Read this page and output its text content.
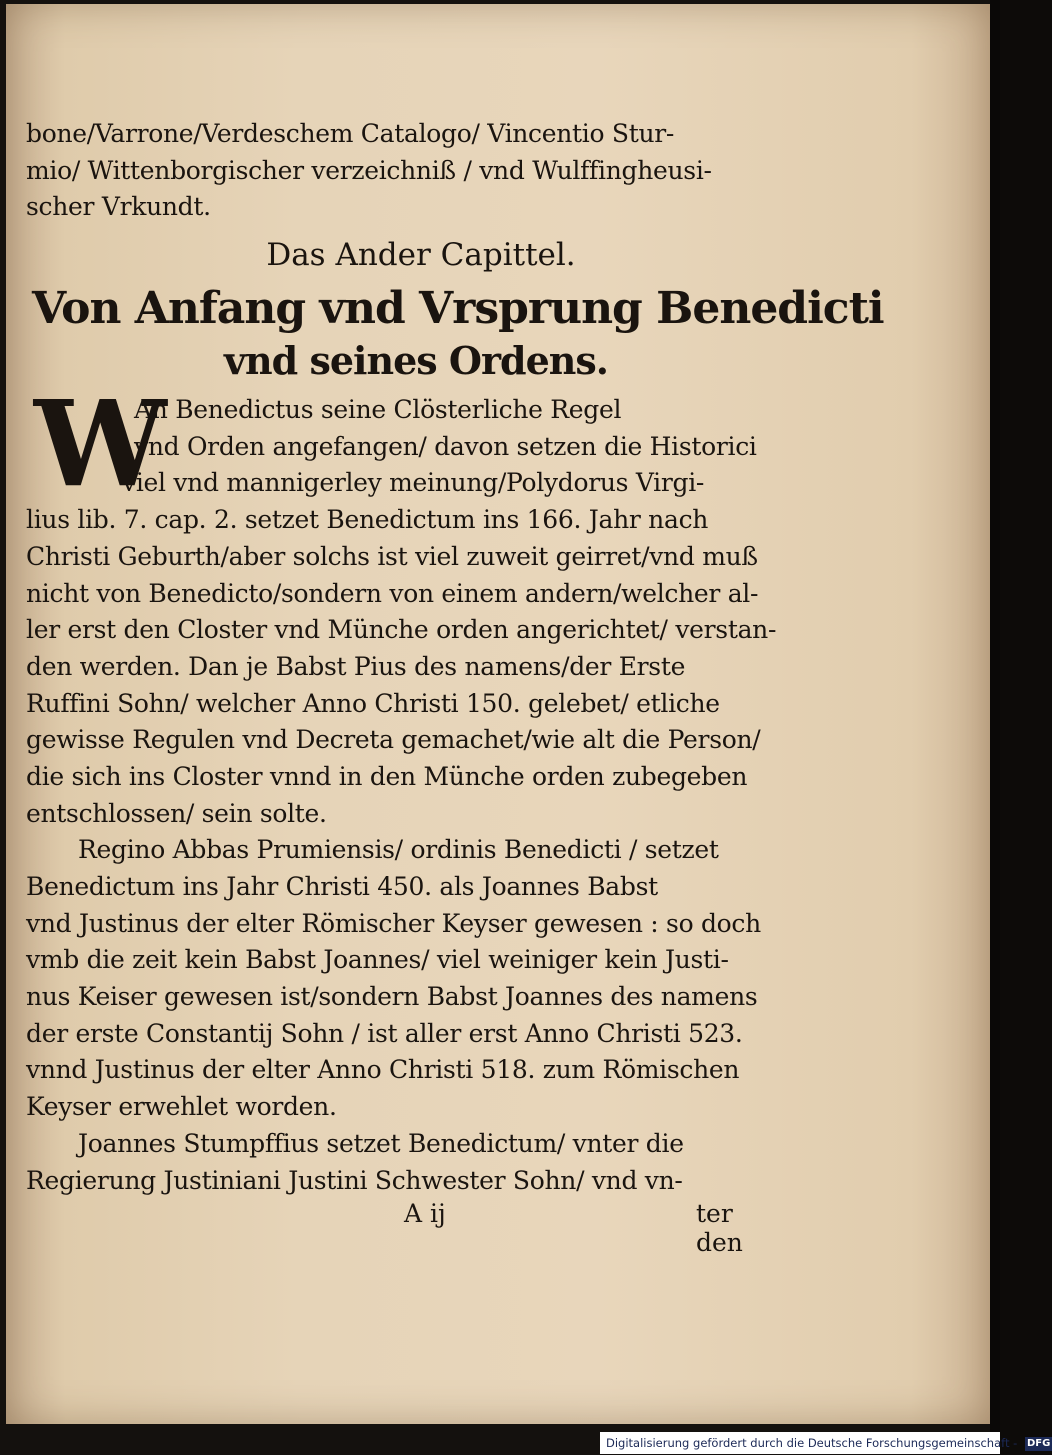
bone/Varrone/Verdeschem Catalogo/ Vincentio Stur-
mio/ Wittenborgischer verzeichniß / vnd Wulffingheusi-
scher Vrkundt.
Das Ander Capittel.
Von Anfang vnd Vrsprung Benedicti
vnd seines Ordens.
W
An Benedictus seine Clösterliche Regel
vnd Orden angefangen/ davon setzen die Historici
viel vnd mannigerley meinung/Polydorus Virgi-
lius lib. 7. cap. 2. setzet Benedictum ins 166. Jahr nach
Christi Geburth/aber solchs ist viel zuweit geirret/vnd muß
nicht von Benedicto/sondern von einem andern/welcher al-
ler erst den Closter vnd Münche orden angerichtet/ verstan-
den werden. Dan je Babst Pius des namens/der Erste
Ruffini Sohn/ welcher Anno Christi 150. gelebet/ etliche
gewisse Regulen vnd Decreta gemachet/wie alt die Person/
die sich ins Closter vnnd in den Münche orden zubegeben
entschlossen/ sein solte.
Regino Abbas Prumiensis/ ordinis Benedicti / setzet
Benedictum ins Jahr Christi 450. als Joannes Babst
vnd Justinus der elter Römischer Keyser gewesen : so doch
vmb die zeit kein Babst Joannes/ viel weiniger kein Justi-
nus Keiser gewesen ist/sondern Babst Joannes des namens
der erste Constantij Sohn / ist aller erst Anno Christi 523.
vnnd Justinus der elter Anno Christi 518. zum Römischen
Keyser erwehlet worden.
Joannes Stumpffius setzet Benedictum/ vnter die
Regierung Justiniani Justini Schwester Sohn/ vnd vn-
A ij	ter den
Digitalisierung gefördert durch die Deutsche Forschungsgemeinschaft - DFG
